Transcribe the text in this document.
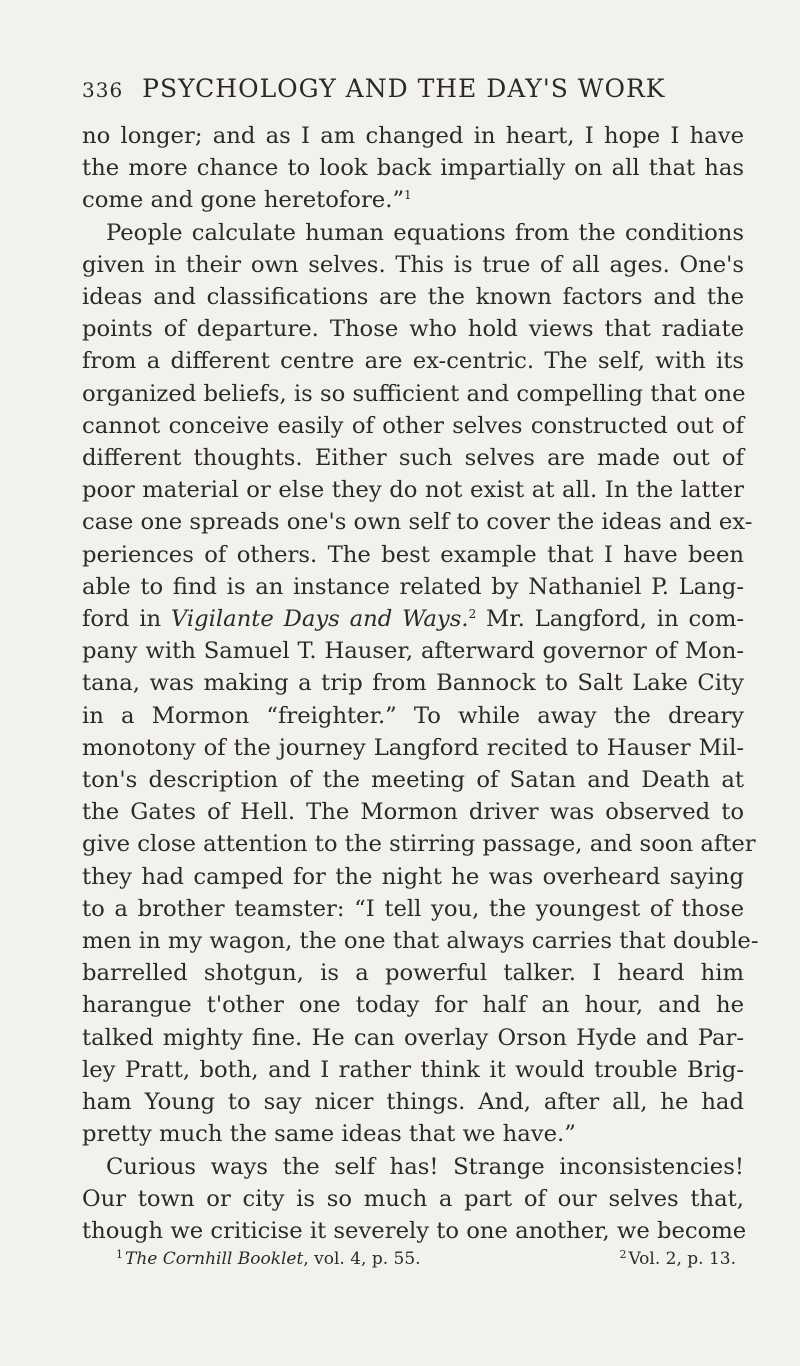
336 PSYCHOLOGY AND THE DAY'S WORK
no longer; and as I am changed in heart, I hope I have
the more chance to look back impartially on all that has
come and gone heretofore.”$^1$
People calculate human equations from the conditions
given in their own selves. This is true of all ages. One's
ideas and classifications are the known factors and the
points of departure. Those who hold views that radiate
from a different centre are ex-centric. The self, with its
organized beliefs, is so sufficient and compelling that one
cannot conceive easily of other selves constructed out of
different thoughts. Either such selves are made out of
poor material or else they do not exist at all. In the latter
case one spreads one's own self to cover the ideas and ex-
periences of others. The best example that I have been
able to find is an instance related by Nathaniel P. Lang-
ford in Vigilante Days and Ways.$^2$ Mr. Langford, in com-
pany with Samuel T. Hauser, afterward governor of Mon-
tana, was making a trip from Bannock to Salt Lake City
in a Mormon “freighter.” To while away the dreary
monotony of the journey Langford recited to Hauser Mil-
ton's description of the meeting of Satan and Death at
the Gates of Hell. The Mormon driver was observed to
give close attention to the stirring passage, and soon after
they had camped for the night he was overheard saying
to a brother teamster: “I tell you, the youngest of those
men in my wagon, the one that always carries that double-
barrelled shotgun, is a powerful talker. I heard him
harangue t'other one today for half an hour, and he
talked mighty fine. He can overlay Orson Hyde and Par-
ley Pratt, both, and I rather think it would trouble Brig-
ham Young to say nicer things. And, after all, he had
pretty much the same ideas that we have.”
Curious ways the self has! Strange inconsistencies!
Our town or city is so much a part of our selves that,
though we criticise it severely to one another, we become
$^1$ The Cornhill Booklet, vol. 4, p. 55.	$^2$ Vol. 2, p. 13.
